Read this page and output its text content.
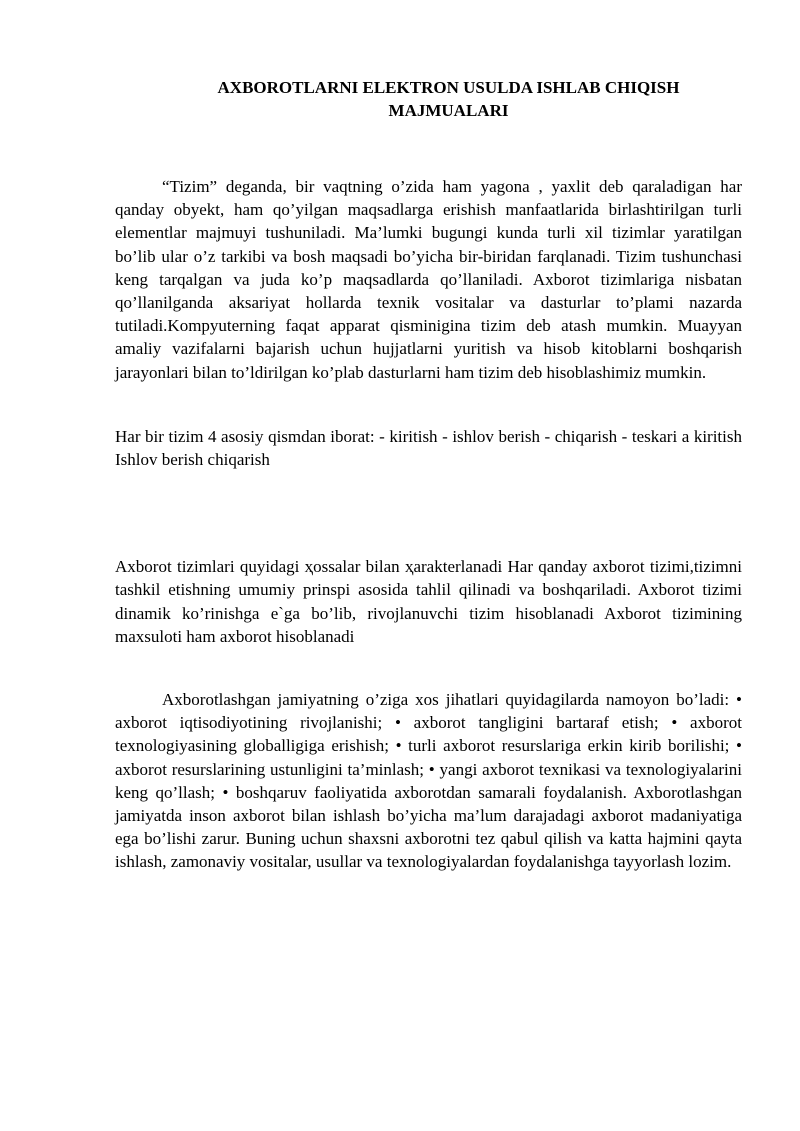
AXBOROTLARNI ELEKTRON USULDA ISHLAB CHIQISH
MAJMUALARI

“Tizim” deganda, bir vaqtning o’zida ham yagona , yaxlit deb qaraladigan har qanday obyekt, ham qo’yilgan maqsadlarga erishish manfaatlarida birlashtirilgan turli elementlar majmuyi tushuniladi. Ma’lumki bugungi kunda turli xil tizimlar yaratilgan bo’lib ular o’z tarkibi va bosh maqsadi bo’yicha bir-biridan farqlanadi. Tizim tushunchasi keng tarqalgan va juda ko’p maqsadlarda qo’llaniladi. Axborot tizimlariga nisbatan qo’llanilganda aksariyat hollarda texnik vositalar va dasturlar to’plami nazarda tutiladi.Kompyuterning faqat apparat qisminigina tizim deb atash mumkin. Muayyan amaliy vazifalarni bajarish uchun hujjatlarni yuritish va hisob kitoblarni boshqarish jarayonlari bilan to’ldirilgan ko’plab dasturlarni ham tizim deb hisoblashimiz mumkin.

Har bir tizim 4 asosiy qismdan iborat: - kiritish - ishlov berish - chiqarish - teskari a kiritish Ishlov berish chiqarish

Axborot tizimlari quyidagi ҳossalar bilan ҳarakterlanadi Har qanday axborot tizimi,tizimni tashkil etishning umumiy prinspi asosida tahlil qilinadi va boshqariladi. Axborot tizimi dinamik ko’rinishga e`ga bo’lib, rivojlanuvchi tizim hisoblanadi Axborot tizimining maxsuloti ham axborot hisoblanadi

Axborotlashgan jamiyatning o’ziga xos jihatlari quyidagilarda namoyon bo’ladi: • axborot iqtisodiyotining rivojlanishi; • axborot tangligini bartaraf etish; • axborot texnologiyasining globalligiga erishish; • turli axborot resurslariga erkin kirib borilishi; • axborot resurslarining ustunligini ta’minlash; • yangi axborot texnikasi va texnologiyalarini keng qo’llash; • boshqaruv faoliyatida axborotdan samarali foydalanish. Axborotlashgan jamiyatda inson axborot bilan ishlash bo’yicha ma’lum darajadagi axborot madaniyatiga ega bo’lishi zarur. Buning uchun shaxsni axborotni tez qabul qilish va katta hajmini qayta ishlash, zamonaviy vositalar, usullar va texnologiyalardan foydalanishga tayyorlash lozim.
